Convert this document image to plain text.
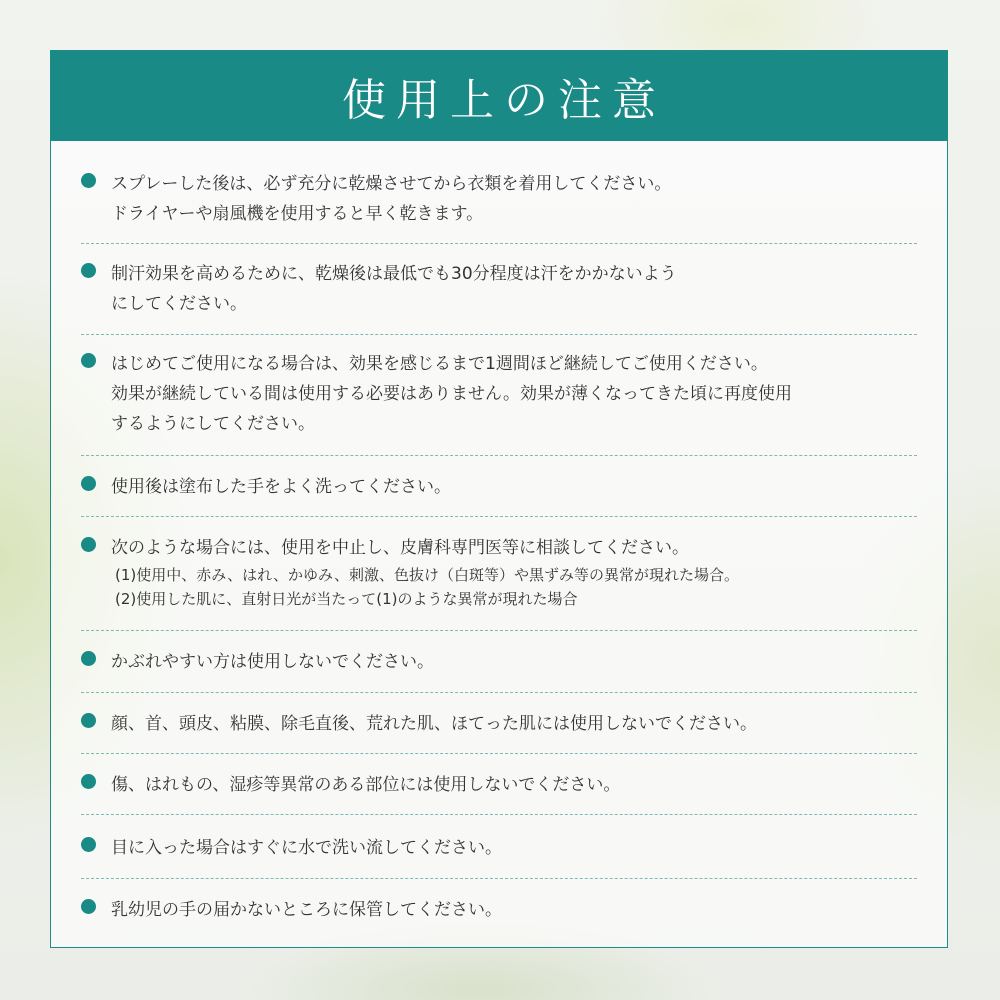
使用上の注意
スプレーした後は、必ず充分に乾燥させてから衣類を着用してください。
ドライヤーや扇風機を使用すると早く乾きます。
制汗効果を高めるために、乾燥後は最低でも30分程度は汗をかかないよう
にしてください。
はじめてご使用になる場合は、効果を感じるまで1週間ほど継続してご使用ください。
効果が継続している間は使用する必要はありません。効果が薄くなってきた頃に再度使用
するようにしてください。
使用後は塗布した手をよく洗ってください。
次のような場合には、使用を中止し、皮膚科専門医等に相談してください。
(1)使用中、赤み、はれ、かゆみ、刺激、色抜け（白斑等）や黒ずみ等の異常が現れた場合。
(2)使用した肌に、直射日光が当たって(1)のような異常が現れた場合
かぶれやすい方は使用しないでください。
顔、首、頭皮、粘膜、除毛直後、荒れた肌、ほてった肌には使用しないでください。
傷、はれもの、湿疹等異常のある部位には使用しないでください。
目に入った場合はすぐに水で洗い流してください。
乳幼児の手の届かないところに保管してください。
